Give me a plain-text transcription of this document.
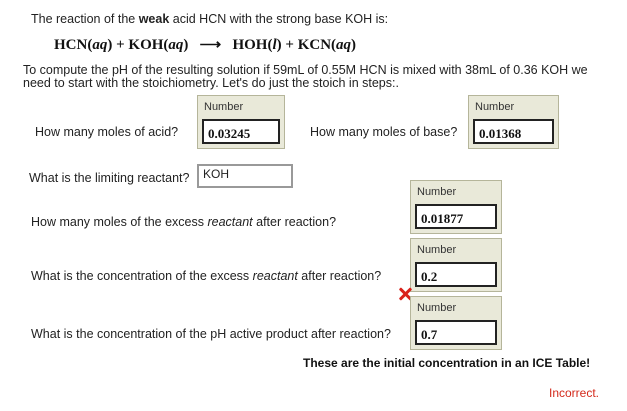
The reaction of the weak acid HCN with the strong base KOH is:
HCN(aq) + KOH(aq)   ⟶ HOH(l) + KCN(aq)
To compute the pH of the resulting solution if 59mL of 0.55M HCN is mixed with 38mL of 0.36 KOH we
need to start with the stoichiometry. Let's do just the stoich in steps:.
How many moles of acid?
Number
0.03245	How many moles of base?
Number
0.01368
What is the limiting reactant?	KOH
How many moles of the excess reactant after reaction?
Number
0.01877
What is the concentration of the excess reactant after reaction?
Number
0.2
What is the concentration of the pH active product after reaction?
Number
0.7
These are the initial concentration in an ICE Table!
Incorrect.
